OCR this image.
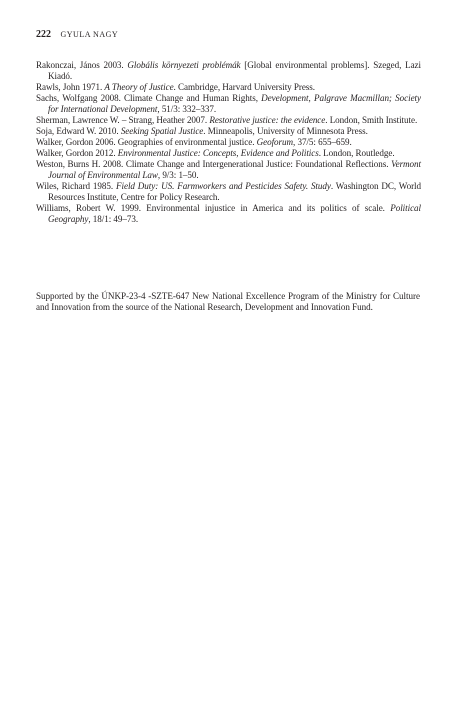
222 GYULA NAGY

Rakonczai, János 2003. Globális környezeti problémák [Global environmental problems]. Szeged, Lazi Kiadó.

Rawls, John 1971. A Theory of Justice. Cambridge, Harvard University Press.

Sachs, Wolfgang 2008. Climate Change and Human Rights, Development, Palgrave Macmillan; Society for International Development, 51/3: 332–337.

Sherman, Lawrence W. – Strang, Heather 2007. Restorative justice: the evidence. London, Smith Institute.

Soja, Edward W. 2010. Seeking Spatial Justice. Minneapolis, University of Minnesota Press.

Walker, Gordon 2006. Geographies of environmental justice. Geoforum, 37/5: 655–659.

Walker, Gordon 2012. Environmental Justice: Concepts, Evidence and Politics. London, Routledge.

Weston, Burns H. 2008. Climate Change and Intergenerational Justice: Foundational Reflections. Vermont Journal of Environmental Law, 9/3: 1–50.

Wiles, Richard 1985. Field Duty: US. Farmworkers and Pesticides Safety. Study. Washington DC, World Resources Institute, Centre for Policy Research.

Williams, Robert W. 1999. Environmental injustice in America and its politics of scale. Political Geography, 18/1: 49–73.

Supported by the ÚNKP-23-4 -SZTE-647 New National Excellence Program of the Ministry for Culture and Innovation from the source of the National Research, Development and Innovation Fund.
